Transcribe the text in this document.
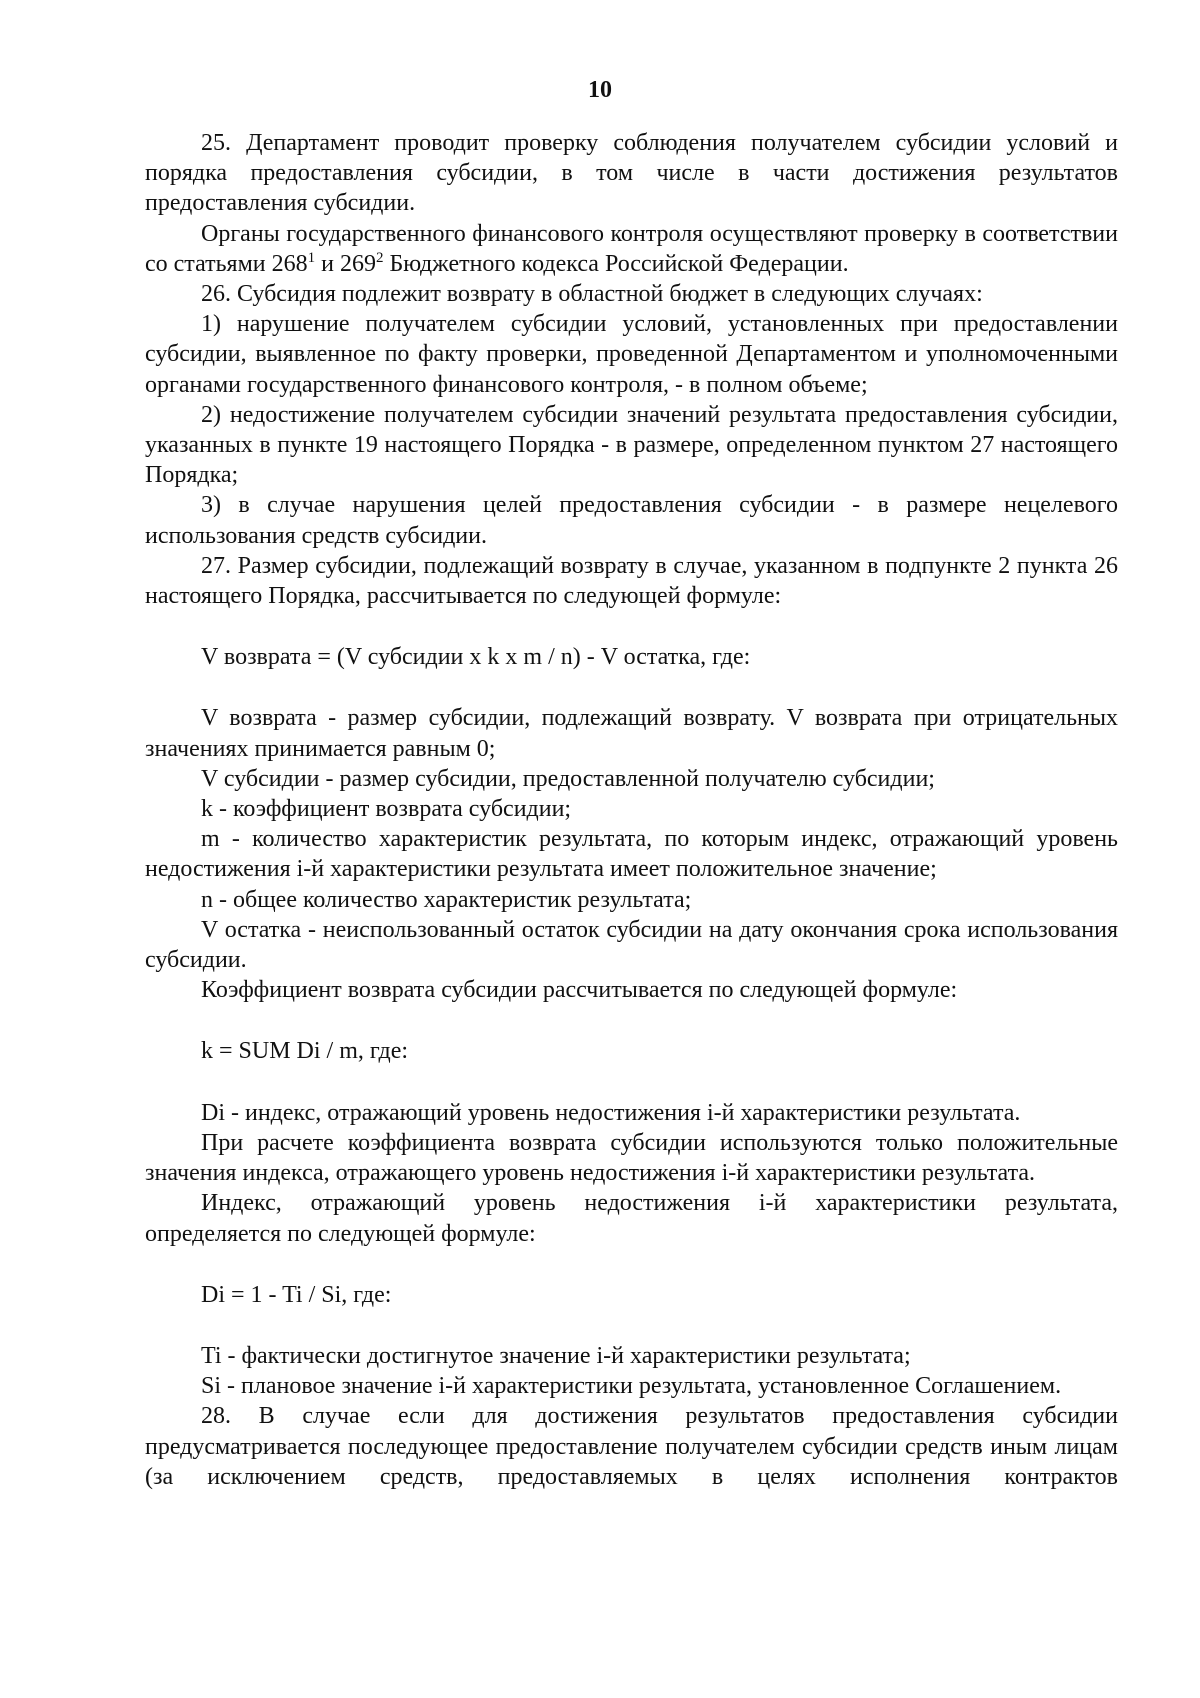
10

25. Департамент проводит проверку соблюдения получателем субсидии условий и порядка предоставления субсидии, в том числе в части достижения результатов предоставления субсидии.

Органы государственного финансового контроля осуществляют проверку в соответствии со статьями $268^1$ и $269^2$ Бюджетного кодекса Российской Федерации.

26. Субсидия подлежит возврату в областной бюджет в следующих случаях:

1) нарушение получателем субсидии условий, установленных при предоставлении субсидии, выявленное по факту проверки, проведенной Департаментом и уполномоченными органами государственного финансового контроля, - в полном объеме;

2) недостижение получателем субсидии значений результата предоставления субсидии, указанных в пункте 19 настоящего Порядка - в размере, определенном пунктом 27 настоящего Порядка;

3) в случае нарушения целей предоставления субсидии - в размере нецелевого использования средств субсидии.

27. Размер субсидии, подлежащий возврату в случае, указанном в подпункте 2 пункта 26 настоящего Порядка, рассчитывается по следующей формуле:

V возврата = (V субсидии x k x m / n) - V остатка, где:

V возврата - размер субсидии, подлежащий возврату. V возврата при отрицательных значениях принимается равным 0;

V субсидии - размер субсидии, предоставленной получателю субсидии;

k - коэффициент возврата субсидии;

m - количество характеристик результата, по которым индекс, отражающий уровень недостижения i-й характеристики результата имеет положительное значение;

n - общее количество характеристик результата;

V остатка - неиспользованный остаток субсидии на дату окончания срока использования субсидии.

Коэффициент возврата субсидии рассчитывается по следующей формуле:

k = SUM Di / m, где:

Di - индекс, отражающий уровень недостижения i-й характеристики результата.

При расчете коэффициента возврата субсидии используются только положительные значения индекса, отражающего уровень недостижения i-й характеристики результата.

Индекс, отражающий уровень недостижения i-й характеристики результата, определяется по следующей формуле:

Di = 1 - Ti / Si, где:

Ti - фактически достигнутое значение i-й характеристики результата;

Si - плановое значение i-й характеристики результата, установленное Соглашением.

28. В случае если для достижения результатов предоставления субсидии предусматривается последующее предоставление получателем субсидии средств иным лицам (за исключением средств, предоставляемых в целях исполнения контрактов
